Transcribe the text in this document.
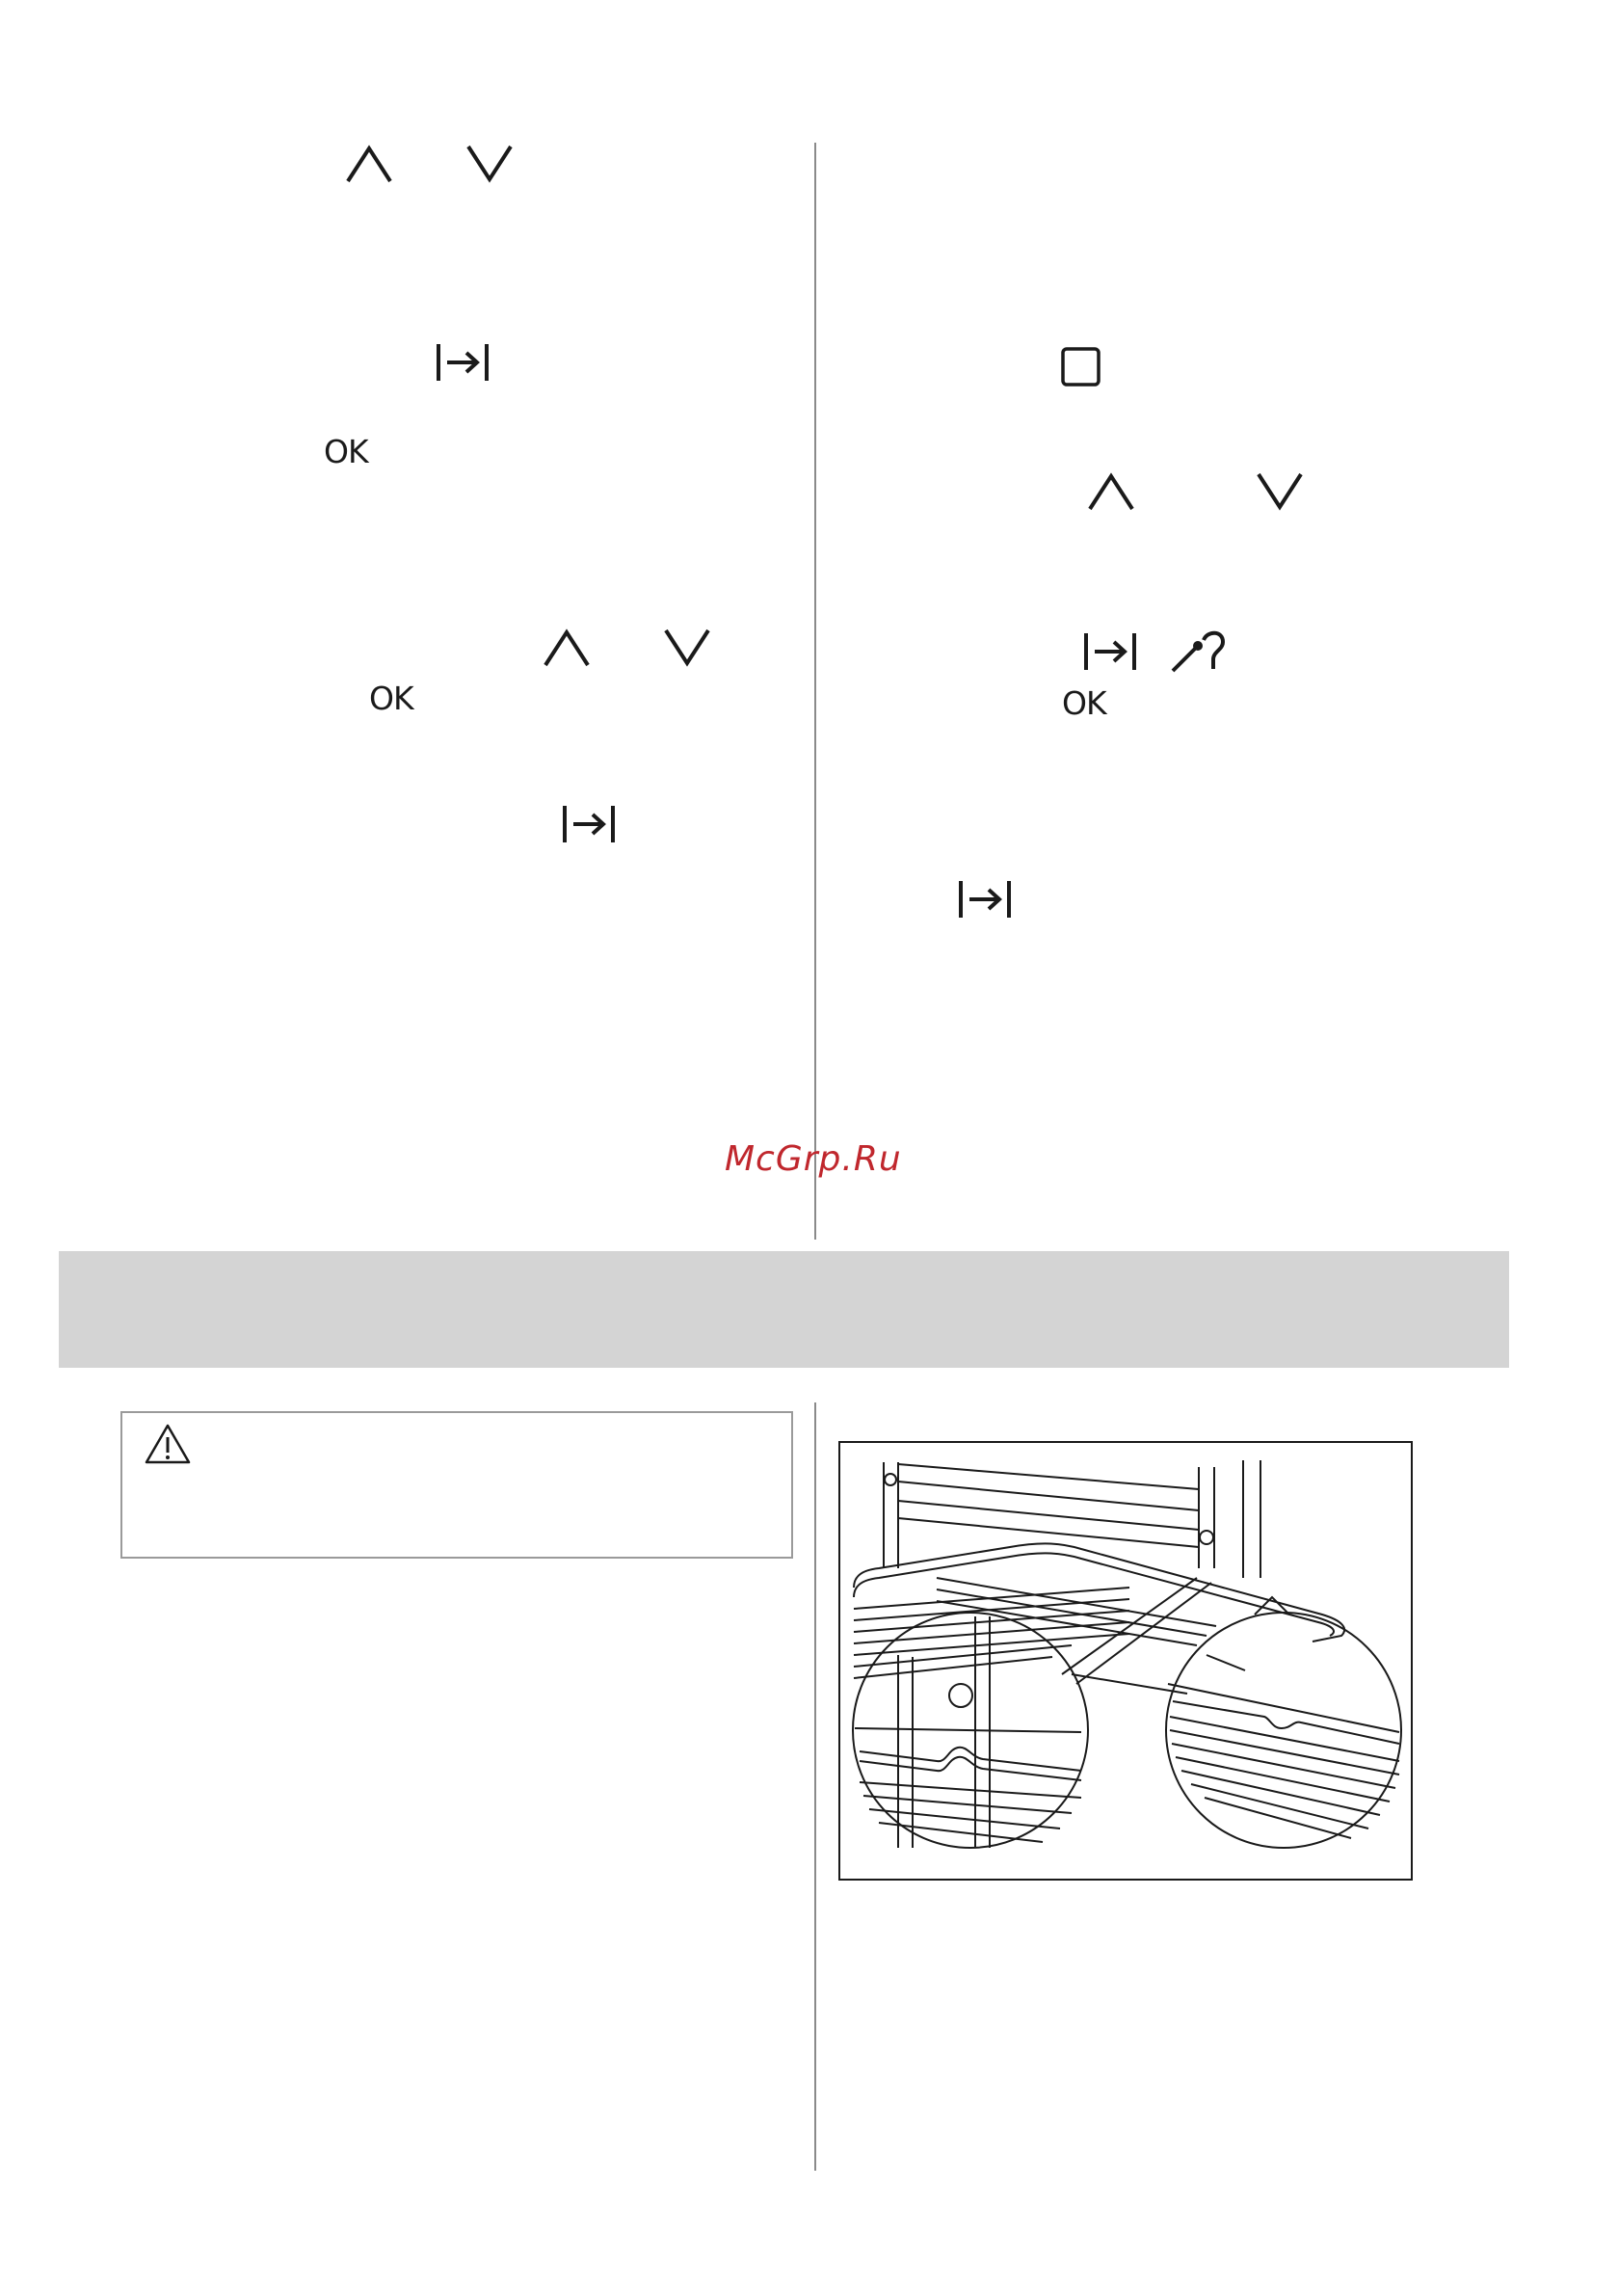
OK
OK	OK
McGrp.Ru
